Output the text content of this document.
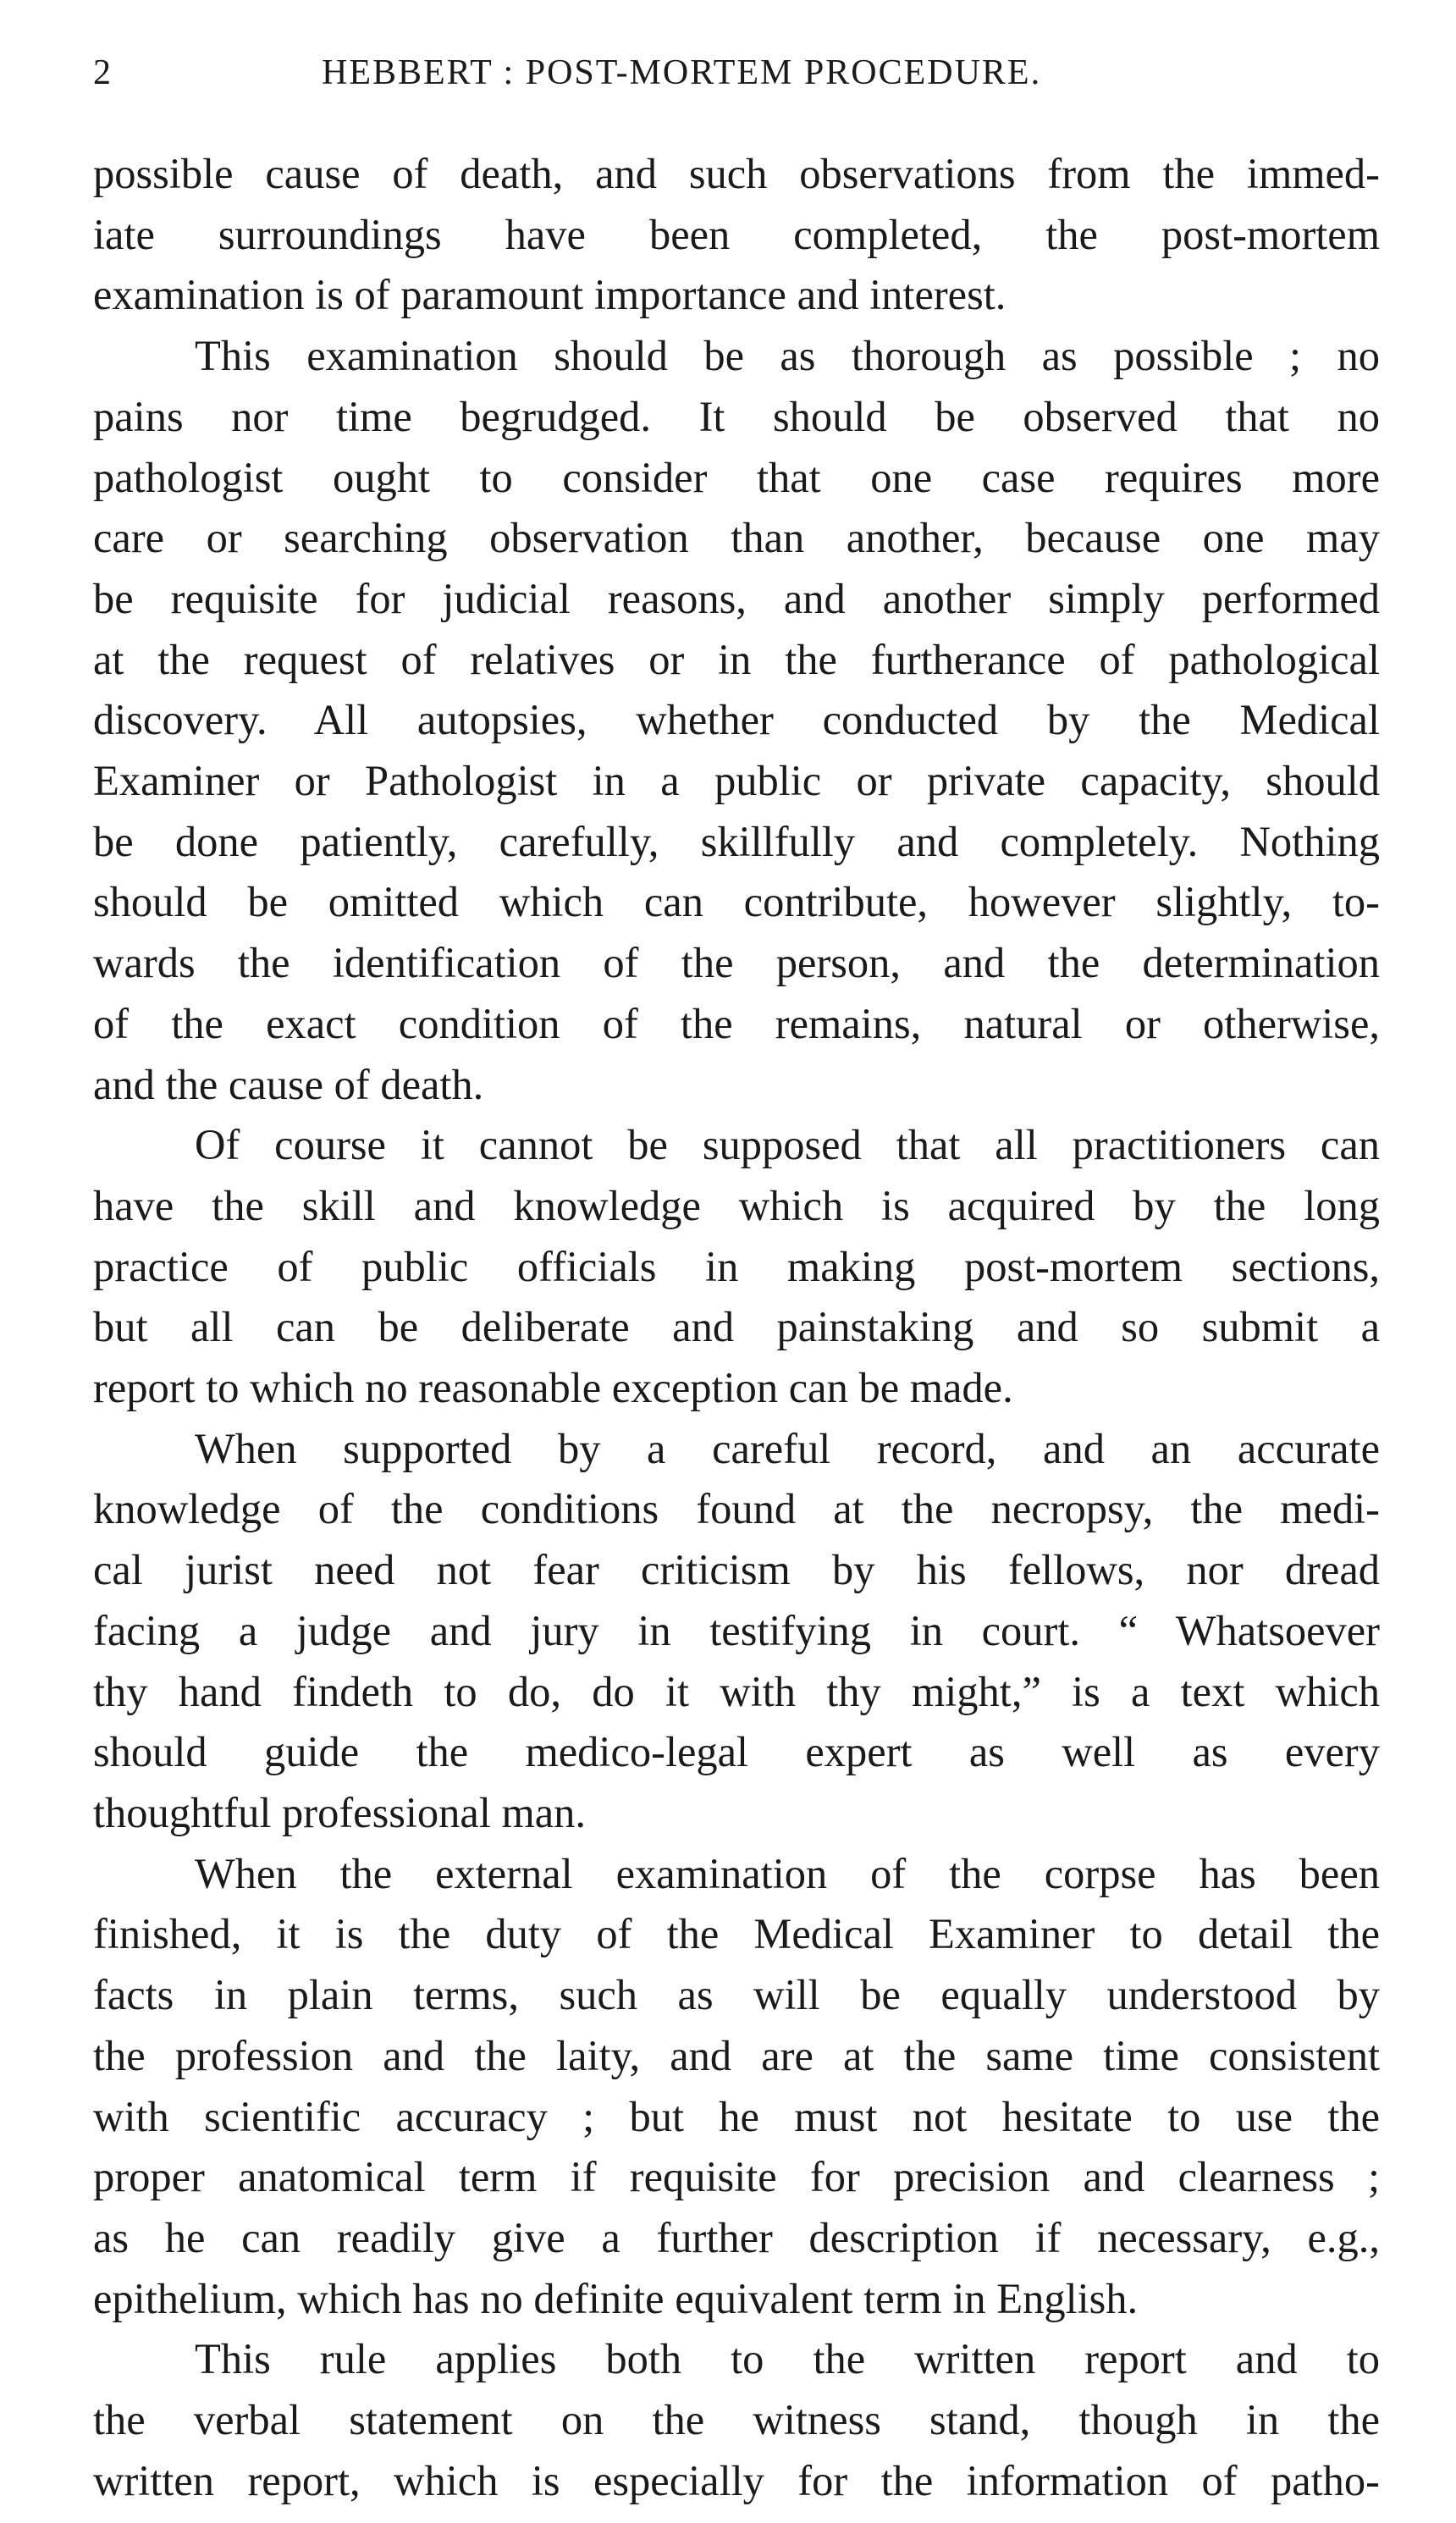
2	HEBBERT : POST-MORTEM PROCEDURE.

possible cause of death, and such observations from the immed-
iate surroundings have been completed, the post-mortem
examination is of paramount importance and interest.

This examination should be as thorough as possible ; no
pains nor time begrudged. It should be observed that no
pathologist ought to consider that one case requires more
care or searching observation than another, because one may
be requisite for judicial reasons, and another simply performed
at the request of relatives or in the furtherance of pathological
discovery. All autopsies, whether conducted by the Medical
Examiner or Pathologist in a public or private capacity, should
be done patiently, carefully, skillfully and completely. Nothing
should be omitted which can contribute, however slightly, to-
wards the identification of the person, and the determination
of the exact condition of the remains, natural or otherwise,
and the cause of death.

Of course it cannot be supposed that all practitioners can
have the skill and knowledge which is acquired by the long
practice of public officials in making post-mortem sections,
but all can be deliberate and painstaking and so submit a
report to which no reasonable exception can be made.

When supported by a careful record, and an accurate
knowledge of the conditions found at the necropsy, the medi-
cal jurist need not fear criticism by his fellows, nor dread
facing a judge and jury in testifying in court. “ Whatsoever
thy hand findeth to do, do it with thy might,” is a text which
should guide the medico-legal expert as well as every
thoughtful professional man.

When the external examination of the corpse has been
finished, it is the duty of the Medical Examiner to detail the
facts in plain terms, such as will be equally understood by
the profession and the laity, and are at the same time consistent
with scientific accuracy ; but he must not hesitate to use the
proper anatomical term if requisite for precision and clearness ;
as he can readily give a further description if necessary, e.g.,
epithelium, which has no definite equivalent term in English.

This rule applies both to the written report and to
the verbal statement on the witness stand, though in the
written report, which is especially for the information of patho-
